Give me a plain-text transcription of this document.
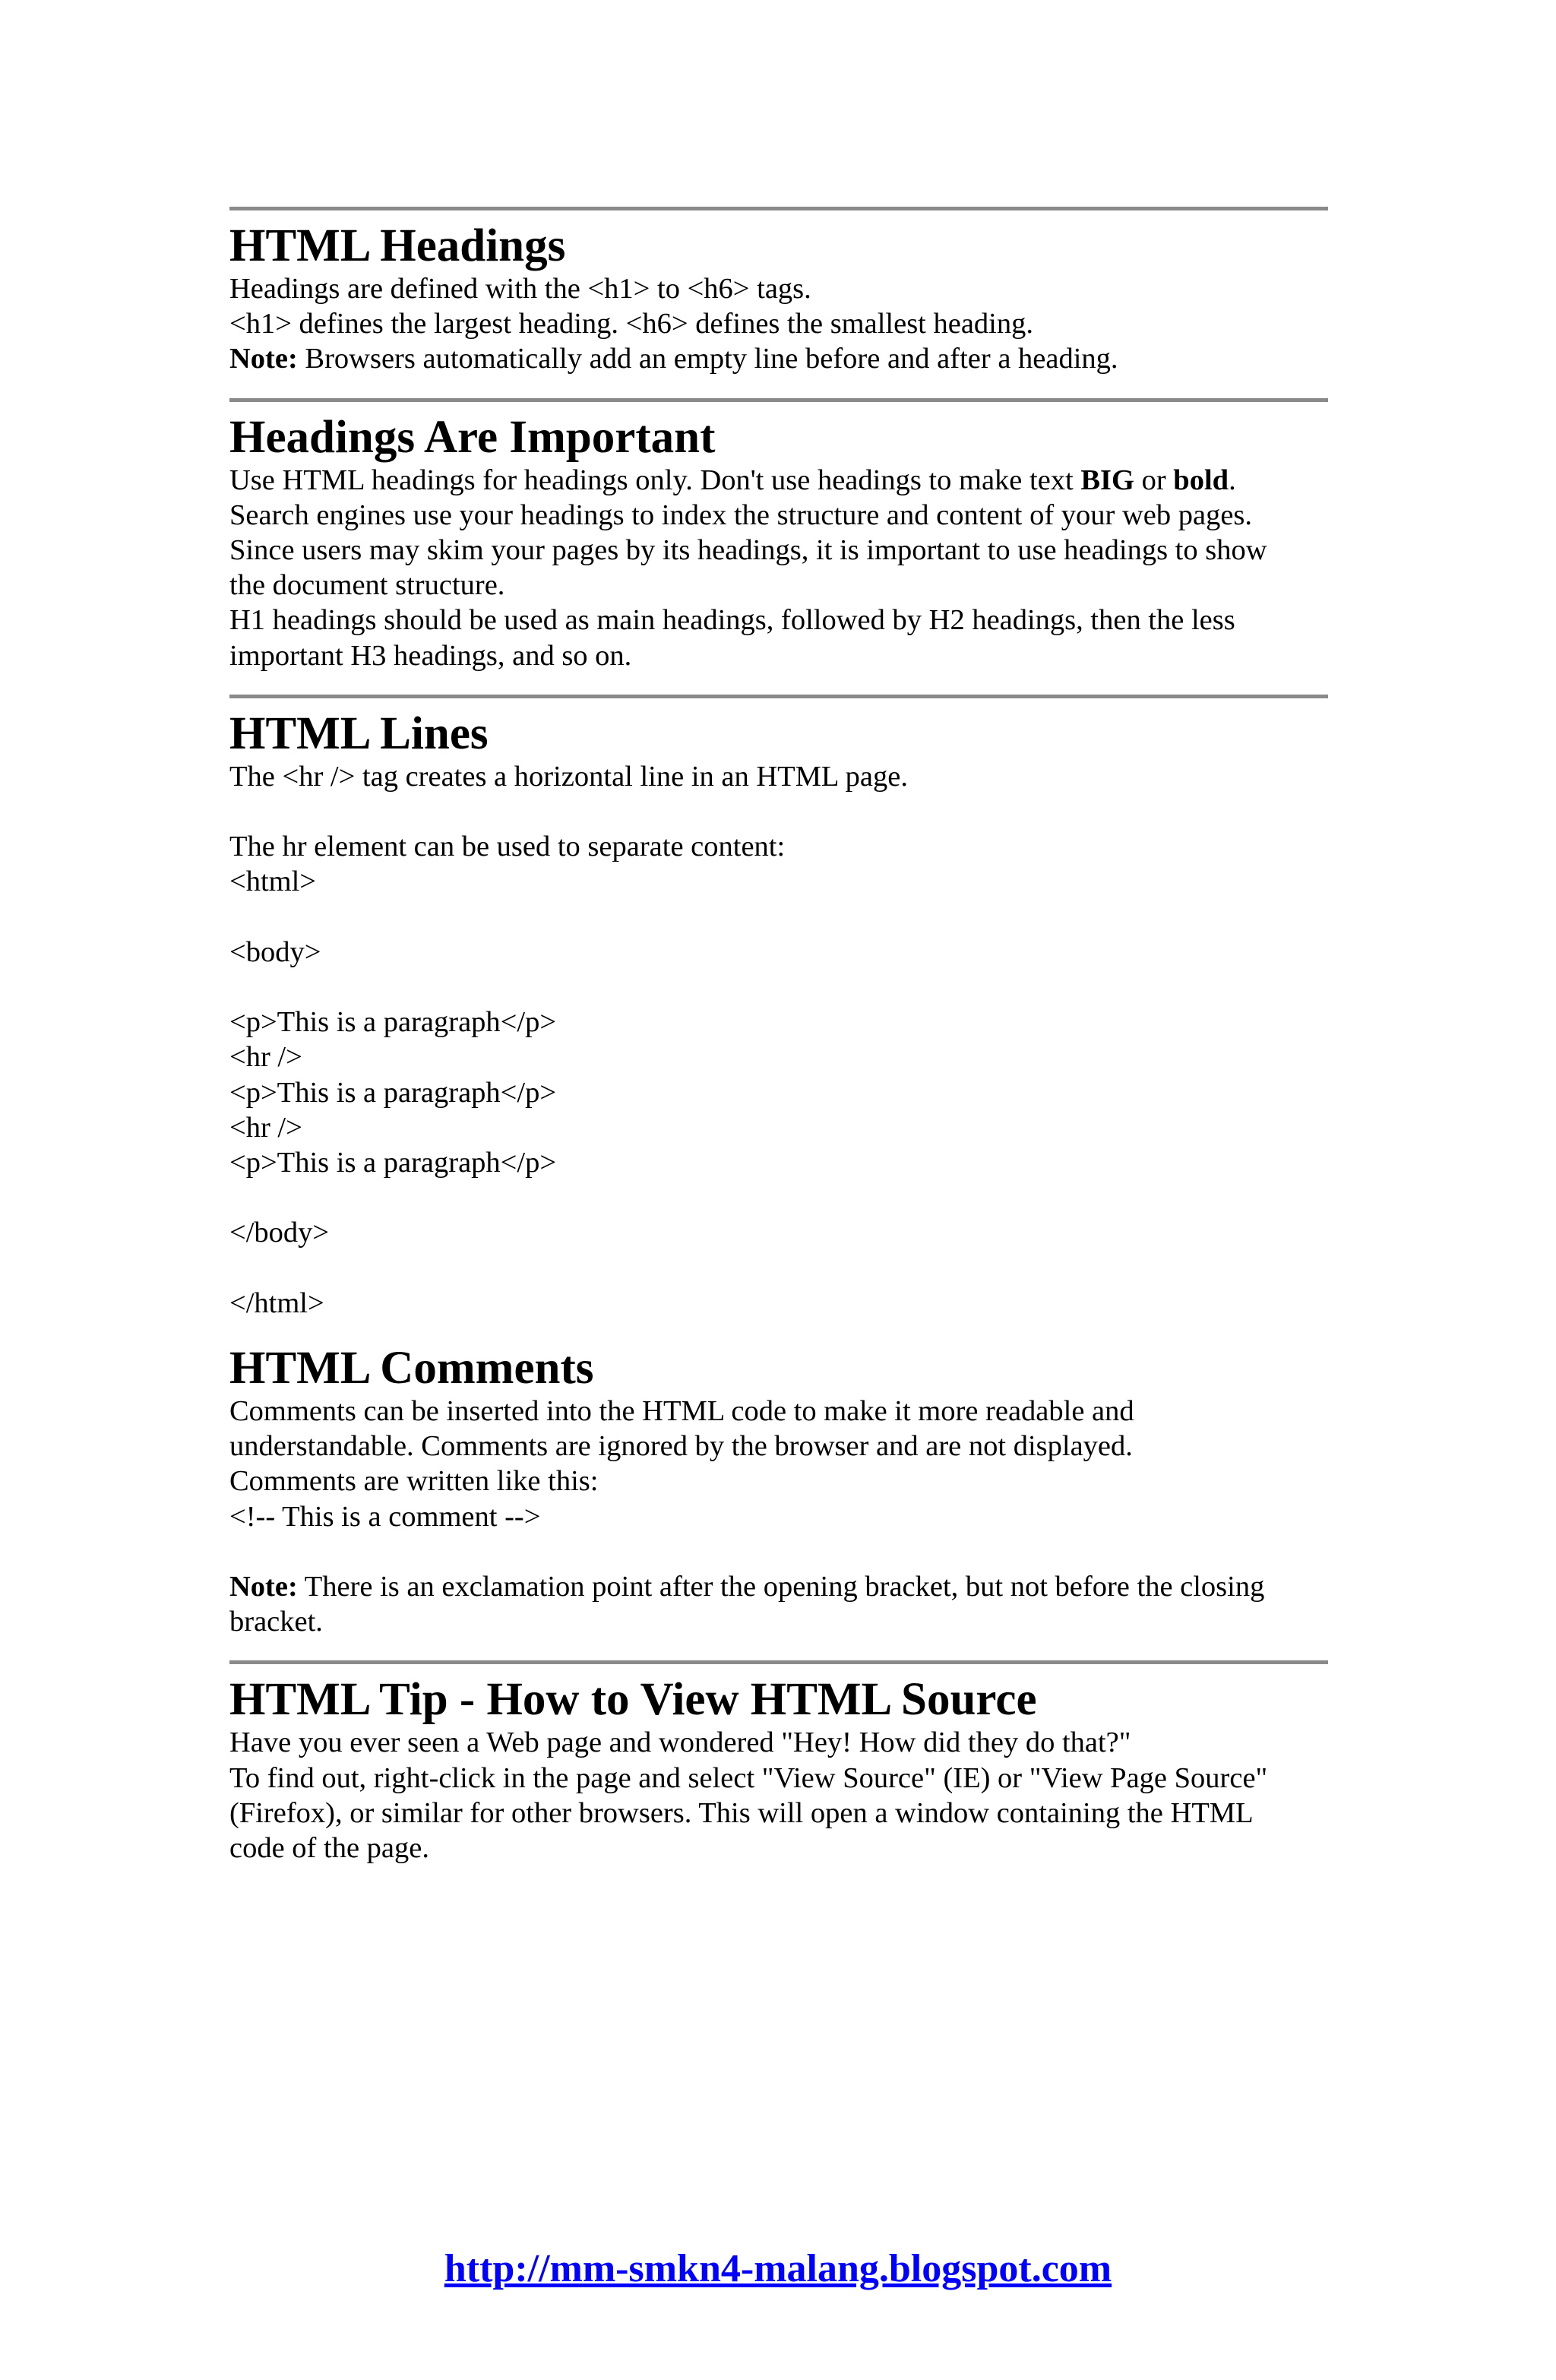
HTML Headings

Headings are defined with the <h1> to <h6> tags.

<h1> defines the largest heading. <h6> defines the smallest heading.

Note: Browsers automatically add an empty line before and after a heading.

Headings Are Important

Use HTML headings for headings only. Don't use headings to make text BIG or bold.

Search engines use your headings to index the structure and content of your web pages.

Since users may skim your pages by its headings, it is important to use headings to show

the document structure.

H1 headings should be used as main headings, followed by H2 headings, then the less

important H3 headings, and so on.

HTML Lines

The <hr /> tag creates a horizontal line in an HTML page.

The hr element can be used to separate content:

<html>

<body>

<p>This is a paragraph</p>

<hr />

<p>This is a paragraph</p>

<hr />

<p>This is a paragraph</p>

</body>

</html>

HTML Comments

Comments can be inserted into the HTML code to make it more readable and

understandable. Comments are ignored by the browser and are not displayed.

Comments are written like this:

<!-- This is a comment -->

Note: There is an exclamation point after the opening bracket, but not before the closing

bracket.

HTML Tip - How to View HTML Source

Have you ever seen a Web page and wondered "Hey! How did they do that?"

To find out, right-click in the page and select "View Source" (IE) or "View Page Source"

(Firefox), or similar for other browsers. This will open a window containing the HTML

code of the page.

http://mm-smkn4-malang.blogspot.com
